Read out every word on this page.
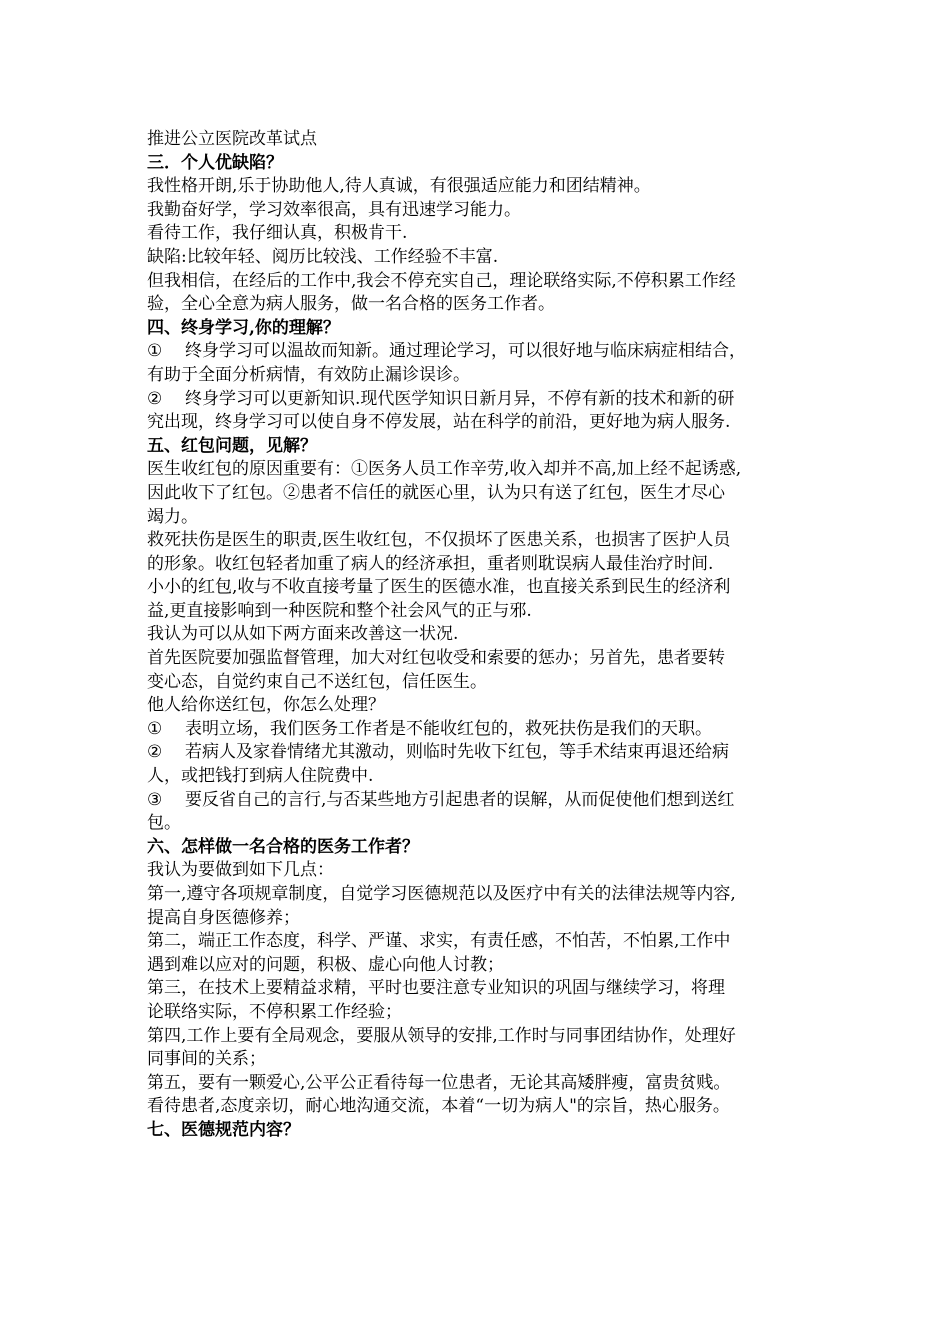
推进公立医院改革试点

三．个人优缺陷？

我性格开朗,乐于协助他人,待人真诚，有很强适应能力和团结精神。

我勤奋好学，学习效率很高，具有迅速学习能力。

看待工作，我仔细认真，积极肯干.

缺陷:比较年轻、阅历比较浅、工作经验不丰富.

但我相信，在经后的工作中,我会不停充实自己，理论联络实际,不停积累工作经

验，全心全意为病人服务，做一名合格的医务工作者。

四、终身学习,你的理解？

① 终身学习可以温故而知新。通过理论学习，可以很好地与临床病症相结合，

有助于全面分析病情，有效防止漏诊误诊。

② 终身学习可以更新知识.现代医学知识日新月异，不停有新的技术和新的研

究出现，终身学习可以使自身不停发展，站在科学的前沿，更好地为病人服务.

五、红包问题，见解？

医生收红包的原因重要有：①医务人员工作辛劳,收入却并不高,加上经不起诱惑,

因此收下了红包。②患者不信任的就医心里，认为只有送了红包，医生才尽心

竭力。

救死扶伤是医生的职责,医生收红包，不仅损坏了医患关系，也损害了医护人员

的形象。收红包轻者加重了病人的经济承担，重者则耽误病人最佳治疗时间.

小小的红包,收与不收直接考量了医生的医德水准，也直接关系到民生的经济利

益,更直接影响到一种医院和整个社会风气的正与邪.

我认为可以从如下两方面来改善这一状况.

首先医院要加强监督管理，加大对红包收受和索要的惩办；另首先，患者要转

变心态，自觉约束自己不送红包，信任医生。

他人给你送红包，你怎么处理？

① 表明立场，我们医务工作者是不能收红包的，救死扶伤是我们的天职。

② 若病人及家眷情绪尤其激动，则临时先收下红包，等手术结束再退还给病

人，或把钱打到病人住院费中.

③ 要反省自己的言行,与否某些地方引起患者的误解，从而促使他们想到送红

包。

六、怎样做一名合格的医务工作者？

我认为要做到如下几点：

第一,遵守各项规章制度，自觉学习医德规范以及医疗中有关的法律法规等内容,

提高自身医德修养；

第二，端正工作态度，科学、严谨、求实，有责任感，不怕苦，不怕累,工作中

遇到难以应对的问题，积极、虚心向他人讨教；

第三，在技术上要精益求精，平时也要注意专业知识的巩固与继续学习，将理

论联络实际，不停积累工作经验；

第四,工作上要有全局观念，要服从领导的安排,工作时与同事团结协作，处理好

同事间的关系；

第五，要有一颗爱心,公平公正看待每一位患者，无论其高矮胖瘦，富贵贫贱。

看待患者,态度亲切，耐心地沟通交流，本着“一切为病人"的宗旨，热心服务。

七、医德规范内容？
